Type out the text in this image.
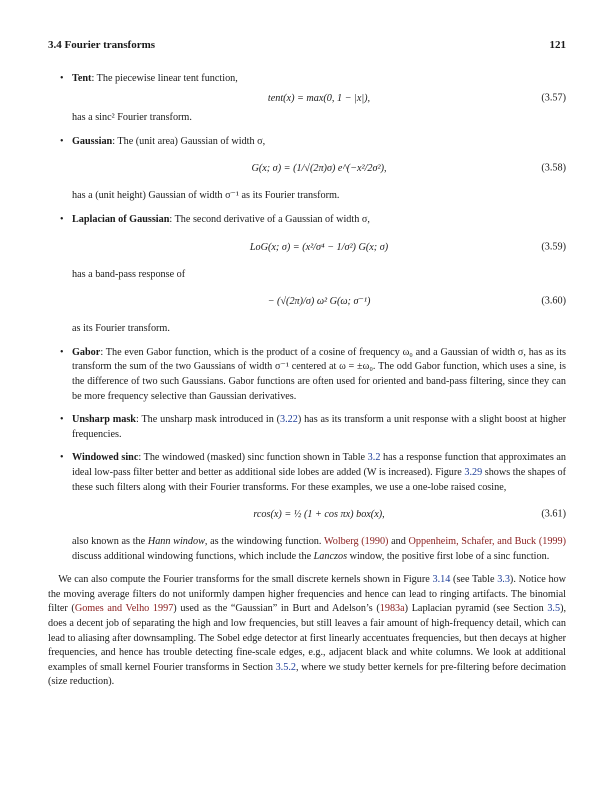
3.4 Fourier transforms	121
• Tent: The piecewise linear tent function,

tent(x) = max(0, 1 − |x|),	(3.57)

has a sinc² Fourier transform.

• Gaussian: The (unit area) Gaussian of width σ,

G(x; σ) = (1/√(2π)σ) e^(−x²/2σ²),	(3.58)

has a (unit height) Gaussian of width σ⁻¹ as its Fourier transform.

• Laplacian of Gaussian: The second derivative of a Gaussian of width σ,

LoG(x; σ) = (x²/σ⁴ − 1/σ²) G(x; σ)	(3.59)

has a band-pass response of

− (√(2π)/σ) ω² G(ω; σ⁻¹)	(3.60)

as its Fourier transform.

• Gabor: The even Gabor function, which is the product of a cosine of frequency ω₀ and a Gaussian of width σ, has as its transform the sum of the two Gaussians of width σ⁻¹ centered at ω = ±ω₀. The odd Gabor function, which uses a sine, is the difference of two such Gaussians. Gabor functions are often used for oriented and band-pass filtering, since they can be more frequency selective than Gaussian derivatives.

• Unsharp mask: The unsharp mask introduced in (3.22) has as its transform a unit response with a slight boost at higher frequencies.

• Windowed sinc: The windowed (masked) sinc function shown in Table 3.2 has a response function that approximates an ideal low-pass filter better and better as additional side lobes are added (W is increased). Figure 3.29 shows the shapes of these such filters along with their Fourier transforms. For these examples, we use a one-lobe raised cosine,

rcos(x) = ½ (1 + cos πx) box(x),	(3.61)

also known as the Hann window, as the windowing function. Wolberg (1990) and Oppenheim, Schafer, and Buck (1999) discuss additional windowing functions, which include the Lanczos window, the positive first lobe of a sinc function.

 We can also compute the Fourier transforms for the small discrete kernels shown in Figure 3.14 (see Table 3.3). Notice how the moving average filters do not uniformly dampen higher frequencies and hence can lead to ringing artifacts. The binomial filter (Gomes and Velho 1997) used as the “Gaussian” in Burt and Adelson’s (1983a) Laplacian pyramid (see Section 3.5), does a decent job of separating the high and low frequencies, but still leaves a fair amount of high-frequency detail, which can lead to aliasing after downsampling. The Sobel edge detector at first linearly accentuates frequencies, but then decays at higher frequencies, and hence has trouble detecting fine-scale edges, e.g., adjacent black and white columns. We look at additional examples of small kernel Fourier transforms in Section 3.5.2, where we study better kernels for pre-filtering before decimation (size reduction).
